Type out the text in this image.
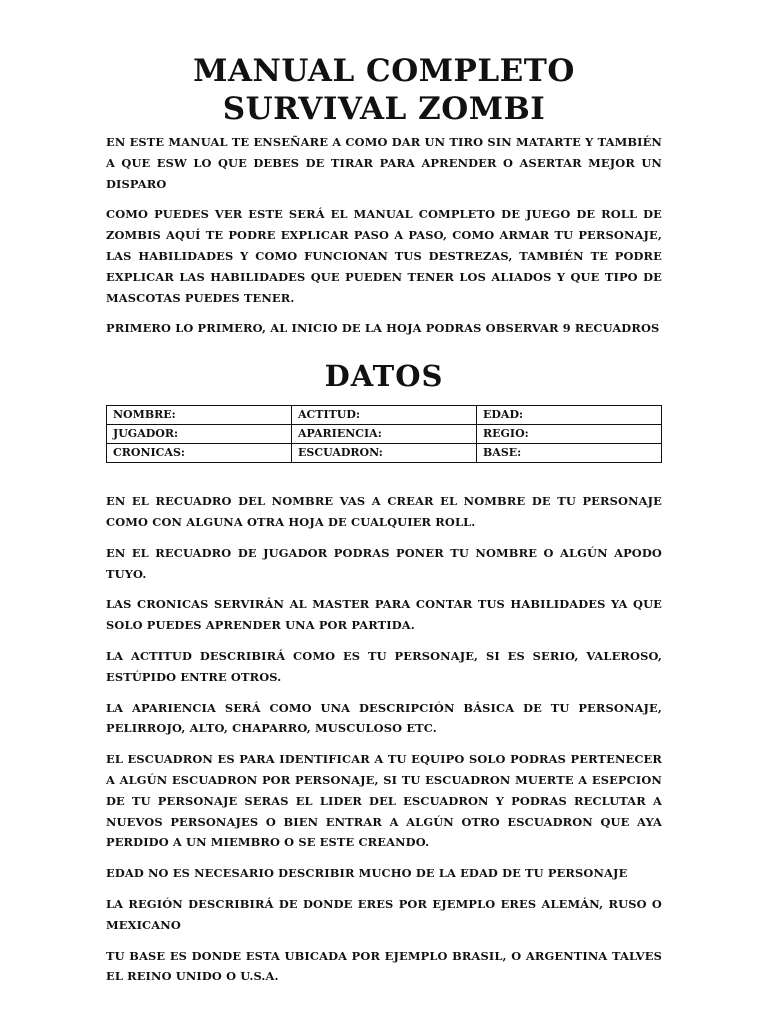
MANUAL COMPLETO SURVIVAL ZOMBI

EN ESTE MANUAL TE ENSEÑARE A COMO DAR UN TIRO SIN MATARTE Y TAMBIÉN A QUE ESW LO QUE DEBES DE TIRAR PARA APRENDER O ASERTAR MEJOR UN DISPARO

COMO PUEDES VER ESTE SERÁ EL MANUAL COMPLETO DE JUEGO DE ROLL DE ZOMBIS AQUÍ TE PODRE EXPLICAR PASO A PASO, COMO ARMAR TU PERSONAJE, LAS HABILIDADES Y COMO FUNCIONAN TUS DESTREZAS, TAMBIÉN TE PODRE EXPLICAR LAS HABILIDADES QUE PUEDEN TENER LOS ALIADOS Y QUE TIPO DE MASCOTAS PUEDES TENER.

PRIMERO LO PRIMERO, AL INICIO DE LA HOJA PODRAS OBSERVAR 9 RECUADROS

DATOS
NOMBRE:	ACTITUD:	EDAD:
JUGADOR:	APARIENCIA:	REGIO:
CRONICAS:	ESCUADRON:	BASE:

EN EL RECUADRO DEL NOMBRE VAS A CREAR EL NOMBRE DE TU PERSONAJE COMO CON ALGUNA OTRA HOJA DE CUALQUIER ROLL.

EN EL RECUADRO DE JUGADOR PODRAS PONER TU NOMBRE O ALGÚN APODO TUYO.

LAS CRONICAS SERVIRÁN AL MASTER PARA CONTAR TUS HABILIDADES YA QUE SOLO PUEDES APRENDER UNA POR PARTIDA.

LA ACTITUD DESCRIBIRÁ COMO ES TU PERSONAJE, SI ES SERIO, VALEROSO, ESTÚPIDO ENTRE OTROS.

LA APARIENCIA SERÁ COMO UNA DESCRIPCIÓN BÁSICA DE TU PERSONAJE, PELIRROJO, ALTO, CHAPARRO, MUSCULOSO ETC.

EL ESCUADRON ES PARA IDENTIFICAR A TU EQUIPO SOLO PODRAS PERTENECER A ALGÚN ESCUADRON POR PERSONAJE, SI TU ESCUADRON MUERTE A ESEPCION DE TU PERSONAJE SERAS EL LIDER DEL ESCUADRON Y PODRAS RECLUTAR A NUEVOS PERSONAJES O BIEN ENTRAR A ALGÚN OTRO ESCUADRON QUE AYA PERDIDO A UN MIEMBRO O SE ESTE CREANDO.

EDAD NO ES NECESARIO DESCRIBIR MUCHO DE LA EDAD DE TU PERSONAJE

LA REGIÓN DESCRIBIRÁ DE DONDE ERES POR EJEMPLO ERES ALEMÁN, RUSO O MEXICANO

TU BASE ES DONDE ESTA UBICADA POR EJEMPLO BRASIL, O ARGENTINA TALVES EL REINO UNIDO O U.S.A.
